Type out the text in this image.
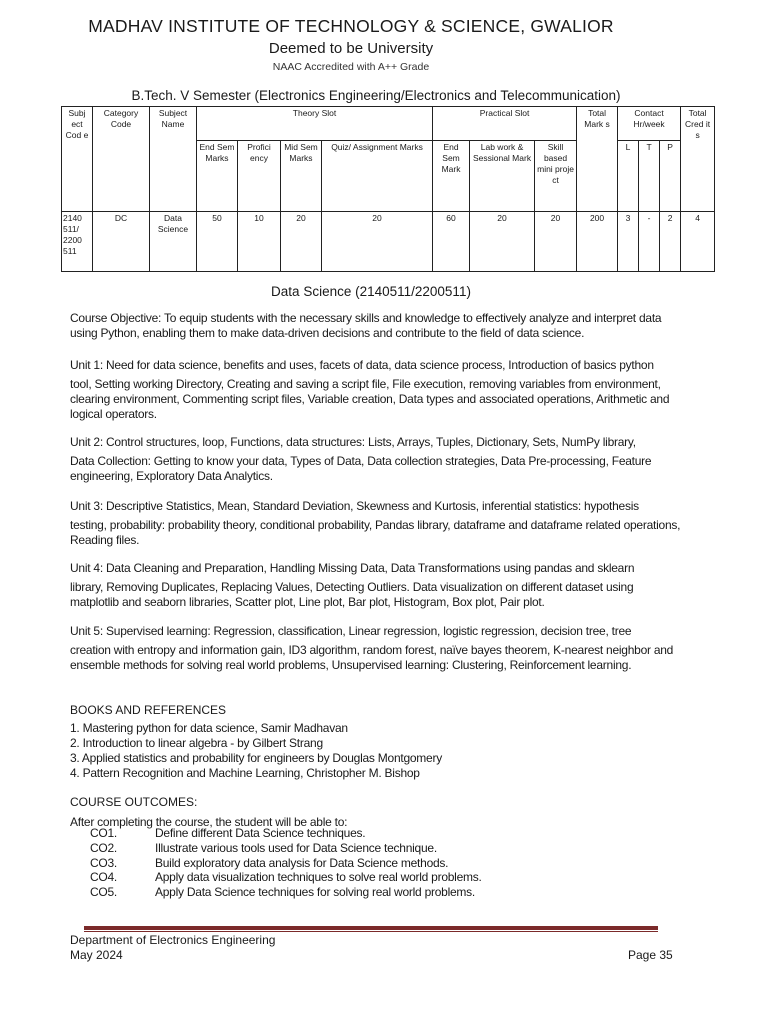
MADHAV INSTITUTE OF TECHNOLOGY & SCIENCE, GWALIOR
Deemed to be University
NAAC Accredited with A++ Grade
B.Tech. V Semester (Electronics Engineering/Electronics and Telecommunication)
Subj ect Cod e	Category Code	Subject Name	Theory Slot				Practical Slot			Total Mark s	Contact Hr/week			Total Cred it s
			End Sem Marks	Profici ency	Mid Sem Marks	Quiz/ Assignment Marks	End Sem Mark	Lab work & Sessional Mark	Skill based mini proje ct		L	T	P	
2140 511/ 2200 511	DC	Data Science	50	10	20	20	60	20	20	200	3	-	2	4
Data Science (2140511/2200511)
Course Objective: To equip students with the necessary skills and knowledge to effectively analyze and interpret data using Python, enabling them to make data-driven decisions and contribute to the field of data science.
Unit 1: Need for data science, benefits and uses, facets of data, data science process, Introduction of basics python
tool, Setting working Directory, Creating and saving a script file, File execution, removing variables from environment, clearing environment, Commenting script files, Variable creation, Data types and associated operations, Arithmetic and logical operators.
Unit 2: Control structures, loop, Functions, data structures: Lists, Arrays, Tuples, Dictionary, Sets, NumPy library,
Data Collection: Getting to know your data, Types of Data, Data collection strategies, Data Pre-processing, Feature engineering, Exploratory Data Analytics.
Unit 3: Descriptive Statistics, Mean, Standard Deviation, Skewness and Kurtosis, inferential statistics: hypothesis
testing, probability: probability theory, conditional probability, Pandas library, dataframe and dataframe related operations, Reading files.
Unit 4: Data Cleaning and Preparation, Handling Missing Data, Data Transformations using pandas and sklearn
library, Removing Duplicates, Replacing Values, Detecting Outliers. Data visualization on different dataset using matplotlib and seaborn libraries, Scatter plot, Line plot, Bar plot, Histogram, Box plot, Pair plot.
Unit 5: Supervised learning: Regression, classification, Linear regression, logistic regression, decision tree, tree
creation with entropy and information gain, ID3 algorithm, random forest, naïve bayes theorem, K-nearest neighbor and ensemble methods for solving real world problems, Unsupervised learning: Clustering, Reinforcement learning.
BOOKS AND REFERENCES
1. Mastering python for data science, Samir Madhavan
2. Introduction to linear algebra - by Gilbert Strang
3. Applied statistics and probability for engineers by Douglas Montgomery
4. Pattern Recognition and Machine Learning, Christopher M. Bishop
COURSE OUTCOMES:
After completing the course, the student will be able to:
CO1.	Define different Data Science techniques.
CO2.	Illustrate various tools used for Data Science technique.
CO3.	Build exploratory data analysis for Data Science methods.
CO4.	Apply data visualization techniques to solve real world problems.
CO5.	Apply Data Science techniques for solving real world problems.
Department of Electronics Engineering
May 2024	Page 35
